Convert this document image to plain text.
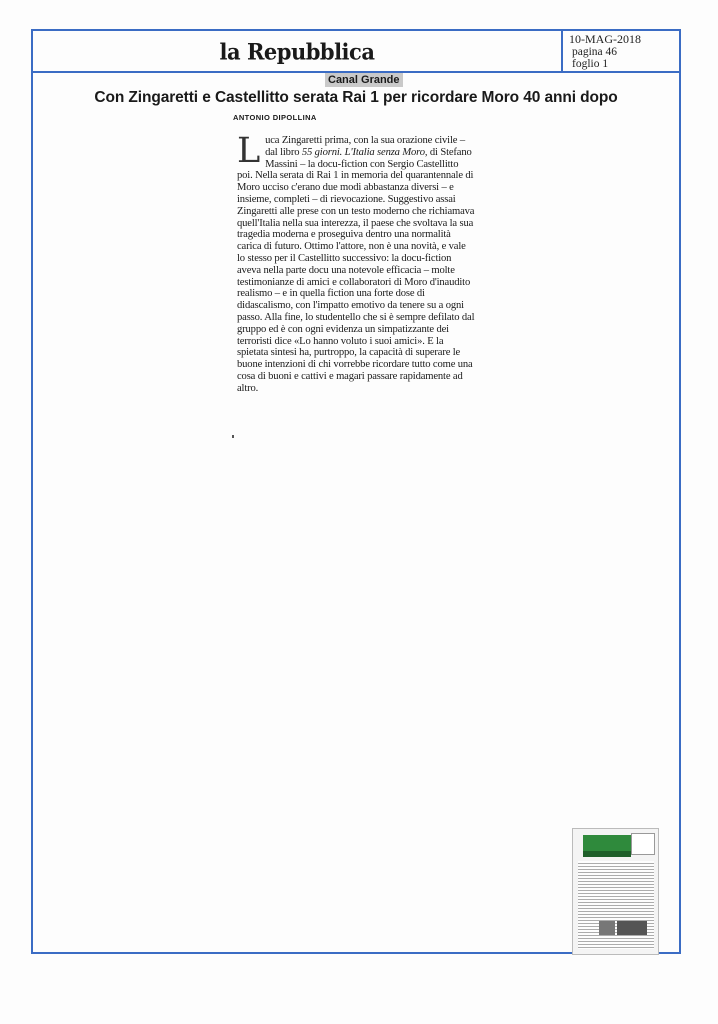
la Repubblica	10-MAG-2018
pagina 46
foglio 1
Canal Grande
Con Zingaretti e Castellitto serata Rai 1 per ricordare Moro 40 anni dopo
ANTONIO DIPOLLINA

Luca Zingaretti prima, con la sua orazione civile – dal libro 55 giorni. L'Italia senza Moro, di Stefano Massini – la docu-fiction con Sergio Castellitto poi. Nella serata di Rai 1 in memoria del quarantennale di Moro ucciso c'erano due modi abbastanza diversi – e insieme, completi – di rievocazione. Suggestivo assai Zingaretti alle prese con un testo moderno che richiamava quell'Italia nella sua interezza, il paese che svoltava la sua tragedia moderna e proseguiva dentro una normalità carica di futuro. Ottimo l'attore, non è una novità, e vale lo stesso per il Castellitto successivo: la docu-fiction aveva nella parte docu una notevole efficacia – molte testimonianze di amici e collaboratori di Moro d'inaudito realismo – e in quella fiction una forte dose di didascalismo, con l'impatto emotivo da tenere su a ogni passo. Alla fine, lo studentello che si è sempre defilato dal gruppo ed è con ogni evidenza un simpatizzante dei terroristi dice «Lo hanno voluto i suoi amici». E la spietata sintesi ha, purtroppo, la capacità di superare le buone intenzioni di chi vorrebbe ricordare tutto come una cosa di buoni e cattivi e magari passare rapidamente ad altro.
